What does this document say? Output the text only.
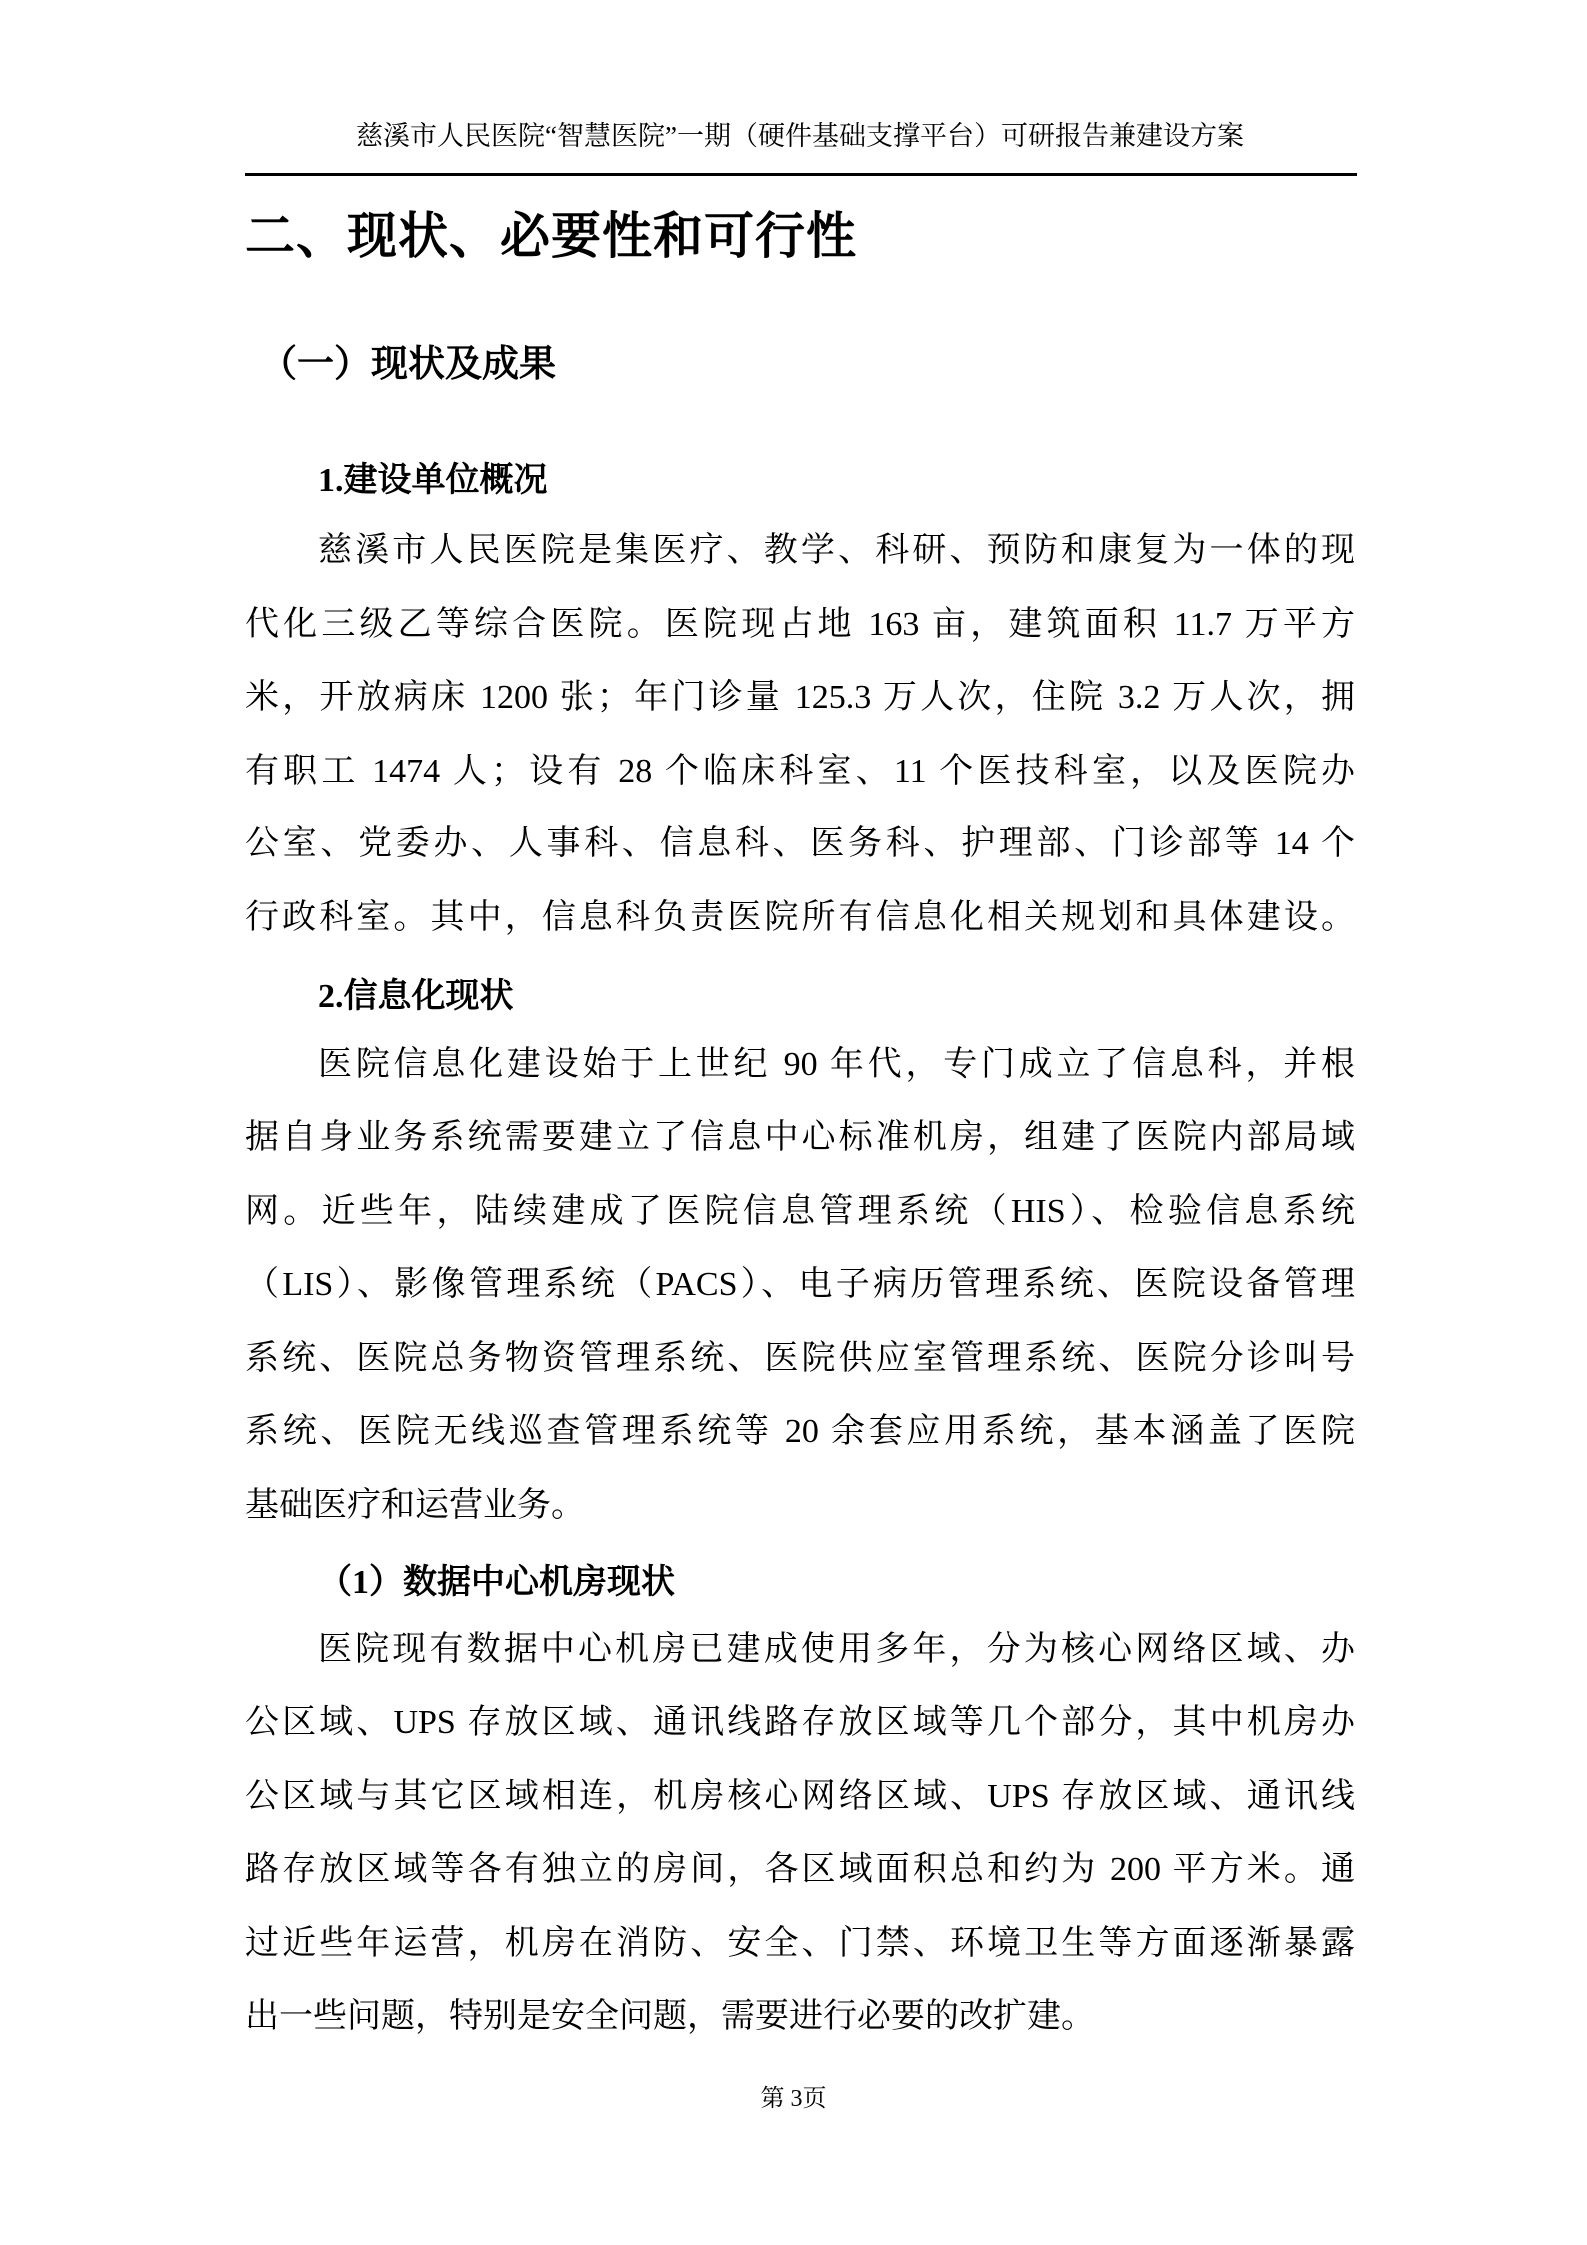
慈溪市人民医院“智慧医院”一期（硬件基础支撑平台）可研报告兼建设方案
二、现状、必要性和可行性
（一）现状及成果
1.建设单位概况
慈溪市人民医院是集医疗、教学、科研、预防和康复为一体的现
代化三级乙等综合医院。医院现占地 163 亩，建筑面积 11.7 万平方
米，开放病床 1200 张；年门诊量 125.3 万人次，住院 3.2 万人次，拥
有职工 1474 人；设有 28 个临床科室、11 个医技科室，以及医院办
公室、党委办、人事科、信息科、医务科、护理部、门诊部等 14 个
行政科室。其中，信息科负责医院所有信息化相关规划和具体建设。
2.信息化现状
医院信息化建设始于上世纪 90 年代，专门成立了信息科，并根
据自身业务系统需要建立了信息中心标准机房，组建了医院内部局域
网。近些年，陆续建成了医院信息管理系统（HIS）、检验信息系统
（LIS）、影像管理系统（PACS）、电子病历管理系统、医院设备管理
系统、医院总务物资管理系统、医院供应室管理系统、医院分诊叫号
系统、医院无线巡查管理系统等 20 余套应用系统，基本涵盖了医院
基础医疗和运营业务。
（1）数据中心机房现状
医院现有数据中心机房已建成使用多年，分为核心网络区域、办
公区域、UPS 存放区域、通讯线路存放区域等几个部分，其中机房办
公区域与其它区域相连，机房核心网络区域、UPS 存放区域、通讯线
路存放区域等各有独立的房间，各区域面积总和约为 200 平方米。通
过近些年运营，机房在消防、安全、门禁、环境卫生等方面逐渐暴露
出一些问题，特别是安全问题，需要进行必要的改扩建。
第 3页
